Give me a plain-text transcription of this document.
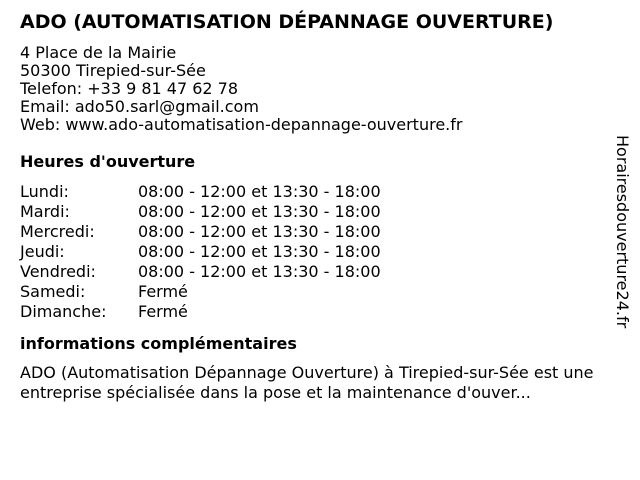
ADO (AUTOMATISATION DÉPANNAGE OUVERTURE)
4 Place de la Mairie
50300 Tirepied-sur-Sée
Telefon: +33 9 81 47 62 78
Email: ado50.sarl@gmail.com
Web: www.ado-automatisation-depannage-ouverture.fr
Heures d'ouverture
Lundi:	08:00 - 12:00 et 13:30 - 18:00
Mardi:	08:00 - 12:00 et 13:30 - 18:00
Mercredi:	08:00 - 12:00 et 13:30 - 18:00
Jeudi:	08:00 - 12:00 et 13:30 - 18:00
Vendredi:	08:00 - 12:00 et 13:30 - 18:00
Samedi:	Fermé
Dimanche:	Fermé
informations complémentaires
ADO (Automatisation Dépannage Ouverture) à Tirepied-sur-Sée est une entreprise spécialisée dans la pose et la maintenance d'ouver...
Horairesdouverture24.fr
